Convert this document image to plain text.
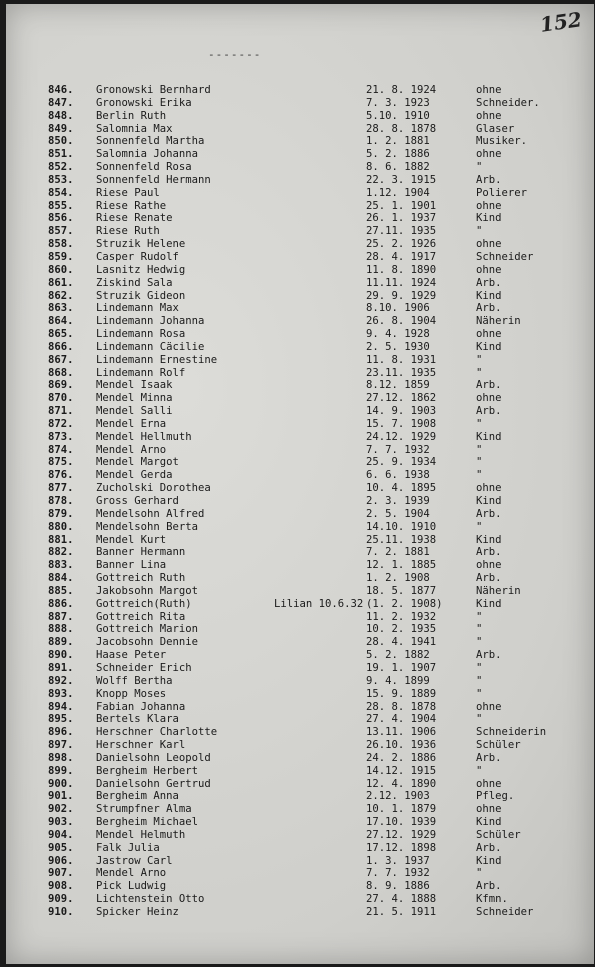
152
-------
846.	Gronowski Bernhard	21. 8. 1924	ohne
847.	Gronowski Erika	7. 3. 1923	Schneider.
848.	Berlin Ruth	5.10. 1910	ohne
849.	Salomnia Max	28. 8. 1878	Glaser
850.	Sonnenfeld Martha	1. 2. 1881	Musiker.
851.	Salomnia Johanna	5. 2. 1886	ohne
852.	Sonnenfeld Rosa	8. 6. 1882	"
853.	Sonnenfeld Hermann	22. 3. 1915	Arb.
854.	Riese Paul	1.12. 1904	Polierer
855.	Riese Rathe	25. 1. 1901	ohne
856.	Riese Renate	26. 1. 1937	Kind
857.	Riese Ruth	27.11. 1935	"
858.	Struzik Helene	25. 2. 1926	ohne
859.	Casper Rudolf	28. 4. 1917	Schneider
860.	Lasnitz Hedwig	11. 8. 1890	ohne
861.	Ziskind Sala	11.11. 1924	Arb.
862.	Struzik Gideon	29. 9. 1929	Kind
863.	Lindemann Max	8.10. 1906	Arb.
864.	Lindemann Johanna	26. 8. 1904	Näherin
865.	Lindemann Rosa	9. 4. 1928	ohne
866.	Lindemann Cäcilie	2. 5. 1930	Kind
867.	Lindemann Ernestine	11. 8. 1931	"
868.	Lindemann Rolf	23.11. 1935	"
869.	Mendel Isaak	8.12. 1859	Arb.
870.	Mendel Minna	27.12. 1862	ohne
871.	Mendel Salli	14. 9. 1903	Arb.
872.	Mendel Erna	15. 7. 1908	"
873.	Mendel Hellmuth	24.12. 1929	Kind
874.	Mendel Arno	7. 7. 1932	"
875.	Mendel Margot	25. 9. 1934	"
876.	Mendel Gerda	6. 6. 1938	"
877.	Zucholski Dorothea	10. 4. 1895	ohne
878.	Gross Gerhard	2. 3. 1939	Kind
879.	Mendelsohn Alfred	2. 5. 1904	Arb.
880.	Mendelsohn Berta	14.10. 1910	"
881.	Mendel Kurt	25.11. 1938	Kind
882.	Banner Hermann	7. 2. 1881	Arb.
883.	Banner Lina	12. 1. 1885	ohne
884.	Gottreich Ruth	1. 2. 1908	Arb.
885.	Jakobsohn Margot	18. 5. 1877	Näherin
886.	Gottreich(Ruth)	Lilian 10.6.32 (1. 2. 1908)	Kind
887.	Gottreich Rita	11. 2. 1932	"
888.	Gottreich Marion	10. 2. 1935	"
889.	Jacobsohn Dennie	28. 4. 1941	"
890.	Haase Peter	5. 2. 1882	Arb.
891.	Schneider Erich	19. 1. 1907	"
892.	Wolff Bertha	9. 4. 1899	"
893.	Knopp Moses	15. 9. 1889	"
894.	Fabian Johanna	28. 8. 1878	ohne
895.	Bertels Klara	27. 4. 1904	"
896.	Herschner Charlotte	13.11. 1906	Schneiderin
897.	Herschner Karl	26.10. 1936	Schüler
898.	Danielsohn Leopold	24. 2. 1886	Arb.
899.	Bergheim Herbert	14.12. 1915	"
900.	Danielsohn Gertrud	12. 4. 1890	ohne
901.	Bergheim Anna	2.12. 1903	Pfleg.
902.	Strumpfner Alma	10. 1. 1879	ohne
903.	Bergheim Michael	17.10. 1939	Kind
904.	Mendel Helmuth	27.12. 1929	Schüler
905.	Falk Julia	17.12. 1898	Arb.
906.	Jastrow Carl	1. 3. 1937	Kind
907.	Mendel Arno	7. 7. 1932	"
908.	Pick Ludwig	8. 9. 1886	Arb.
909.	Lichtenstein Otto	27. 4. 1888	Kfmn.
910.	Spicker Heinz	21. 5. 1911	Schneider
